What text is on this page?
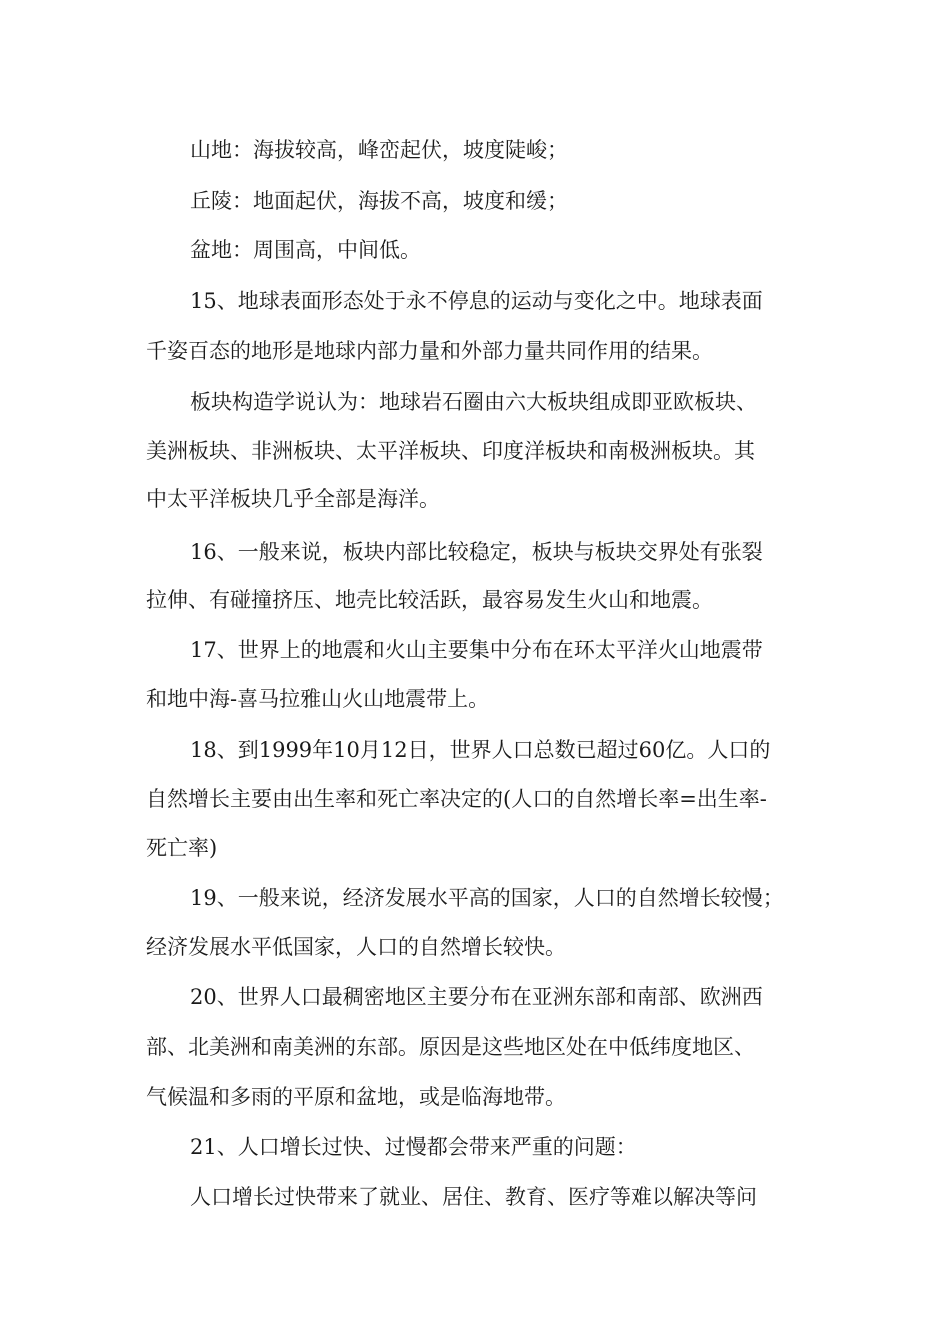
山地：海拔较高，峰峦起伏，坡度陡峻；
丘陵：地面起伏，海拔不高，坡度和缓；
盆地：周围高，中间低。
15、地球表面形态处于永不停息的运动与变化之中。地球表面
千姿百态的地形是地球内部力量和外部力量共同作用的结果。
板块构造学说认为：地球岩石圈由六大板块组成即亚欧板块、
美洲板块、非洲板块、太平洋板块、印度洋板块和南极洲板块。其
中太平洋板块几乎全部是海洋。
16、一般来说，板块内部比较稳定，板块与板块交界处有张裂
拉伸、有碰撞挤压、地壳比较活跃，最容易发生火山和地震。
17、世界上的地震和火山主要集中分布在环太平洋火山地震带
和地中海-喜马拉雅山火山地震带上。
18、到1999年10月12日，世界人口总数已超过60亿。人口的
自然增长主要由出生率和死亡率决定的(人口的自然增长率=出生率-
死亡率)
19、一般来说，经济发展水平高的国家，人口的自然增长较慢；
经济发展水平低国家，人口的自然增长较快。
20、世界人口最稠密地区主要分布在亚洲东部和南部、欧洲西
部、北美洲和南美洲的东部。原因是这些地区处在中低纬度地区、
气候温和多雨的平原和盆地，或是临海地带。
21、人口增长过快、过慢都会带来严重的问题：
人口增长过快带来了就业、居住、教育、医疗等难以解决等问
